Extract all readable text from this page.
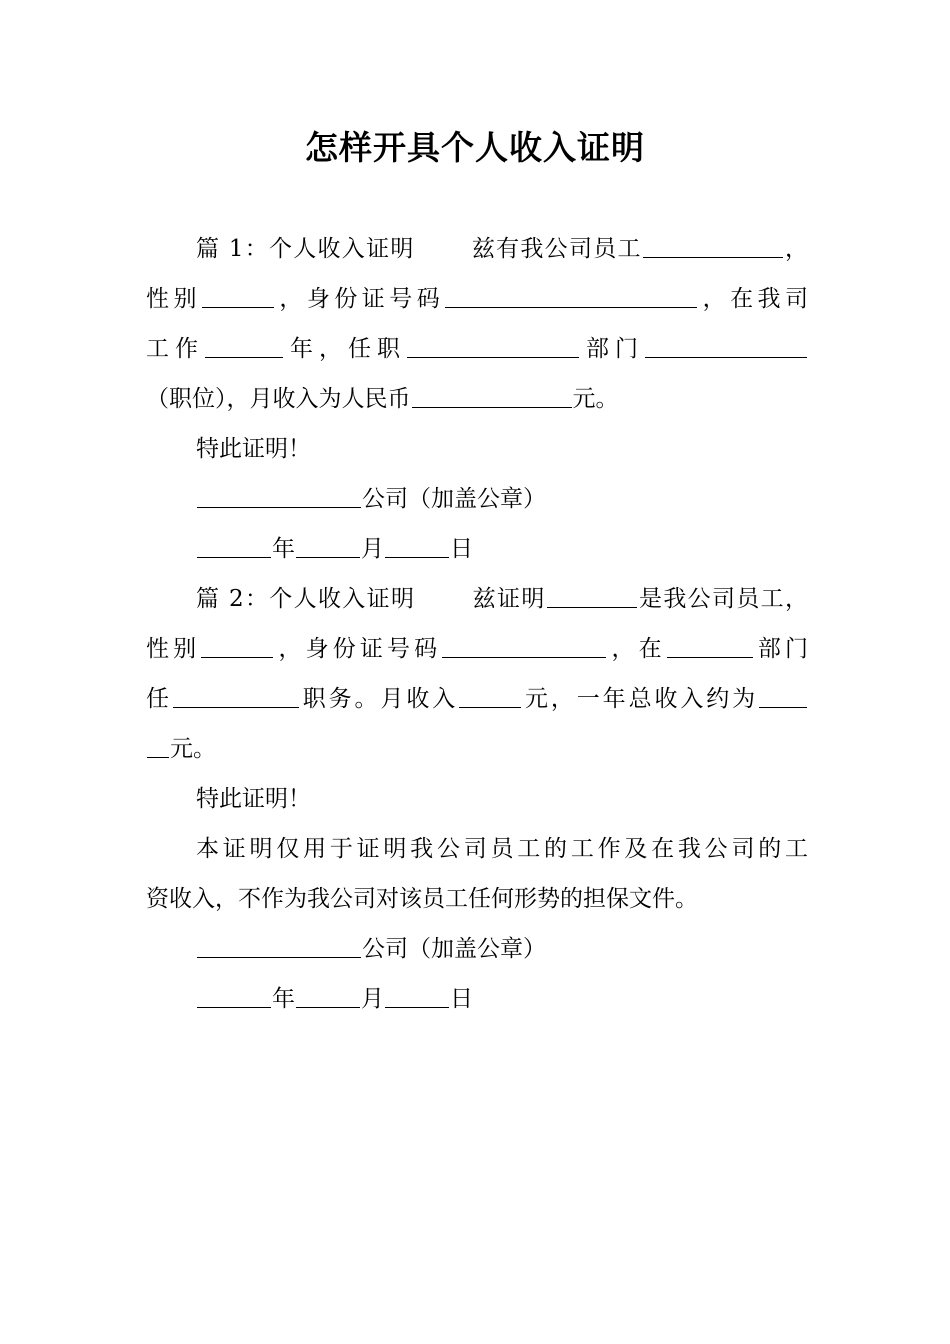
怎样开具个人收入证明
篇 1：个人收入证明 兹有我公司员工	，
性别	，身份证号码	，在我司
工作	年，任职	部门
（职位），月收入为人民币	元。
特此证明！
公司（加盖公章）
年	月	日
篇 2：个人收入证明 兹证明	是我公司员工，
性别	，身份证号码	，在	部门
任	职务。月收入	元，一年总收入约为
元。
特此证明！
本证明仅用于证明我公司员工的工作及在我公司的工
资收入，不作为我公司对该员工任何形势的担保文件。
公司（加盖公章）
年	月	日
